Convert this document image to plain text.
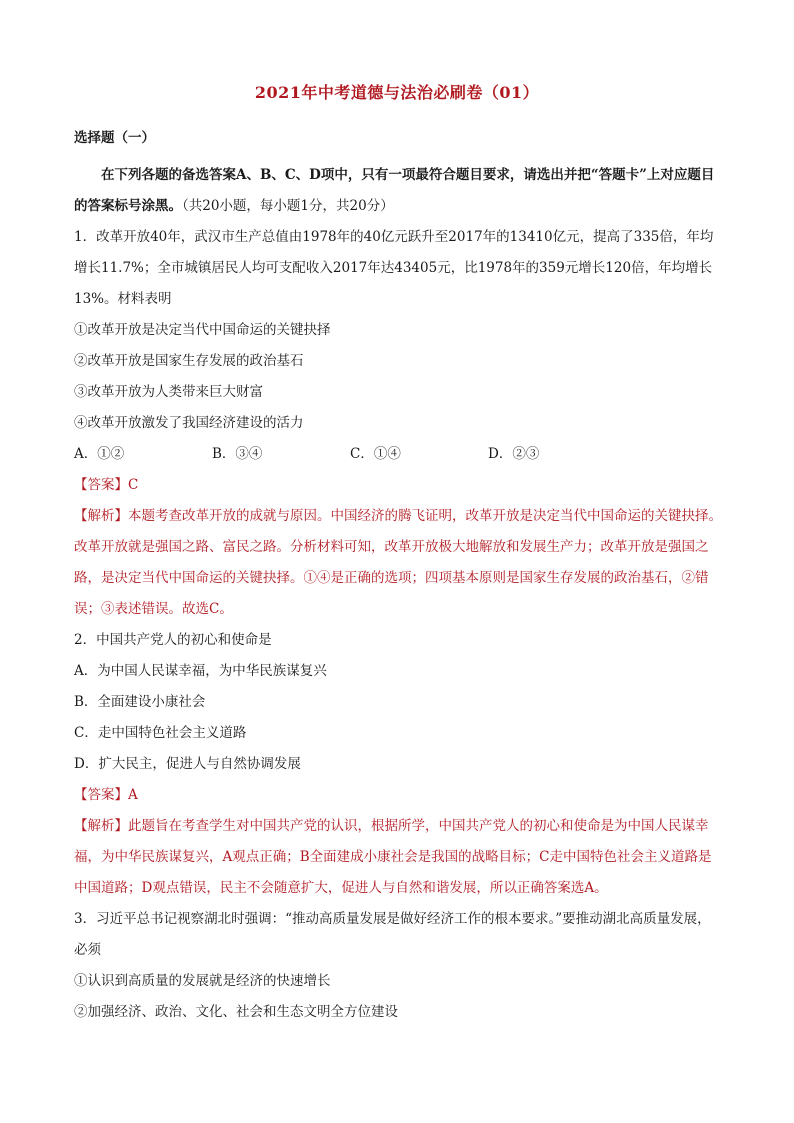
2021年中考道德与法治必刷卷（01）
选择题（一）
在下列各题的备选答案A、B、C、D项中，只有一项最符合题目要求，请选出并把“答题卡”上对应题目的答案标号涂黑。（共20小题，每小题1分，共20分）
1．改革开放40年，武汉市生产总值由1978年的40亿元跃升至2017年的13410亿元，提高了335倍，年均增长11.7%；全市城镇居民人均可支配收入2017年达43405元，比1978年的359元增长120倍，年均增长13%。材料表明
①改革开放是决定当代中国命运的关键抉择
②改革开放是国家生存发展的政治基石
③改革开放为人类带来巨大财富
④改革开放激发了我国经济建设的活力
A．①②	B．③④	C．①④	D．②③
【答案】C
【解析】本题考查改革开放的成就与原因。中国经济的腾飞证明，改革开放是决定当代中国命运的关键抉择。改革开放就是强国之路、富民之路。分析材料可知，改革开放极大地解放和发展生产力；改革开放是强国之路，是决定当代中国命运的关键抉择。①④是正确的选项；四项基本原则是国家生存发展的政治基石，②错误；③表述错误。故选C。
2．中国共产党人的初心和使命是
A．为中国人民谋幸福，为中华民族谋复兴
B．全面建设小康社会
C．走中国特色社会主义道路
D．扩大民主，促进人与自然协调发展
【答案】A
【解析】此题旨在考查学生对中国共产党的认识，根据所学，中国共产党人的初心和使命是为中国人民谋幸福，为中华民族谋复兴，A观点正确；B全面建成小康社会是我国的战略目标；C走中国特色社会主义道路是中国道路；D观点错误，民主不会随意扩大，促进人与自然和谐发展，所以正确答案选A。
3．习近平总书记视察湖北时强调：“推动高质量发展是做好经济工作的根本要求。”要推动湖北高质量发展，必须
①认识到高质量的发展就是经济的快速增长
②加强经济、政治、文化、社会和生态文明全方位建设
